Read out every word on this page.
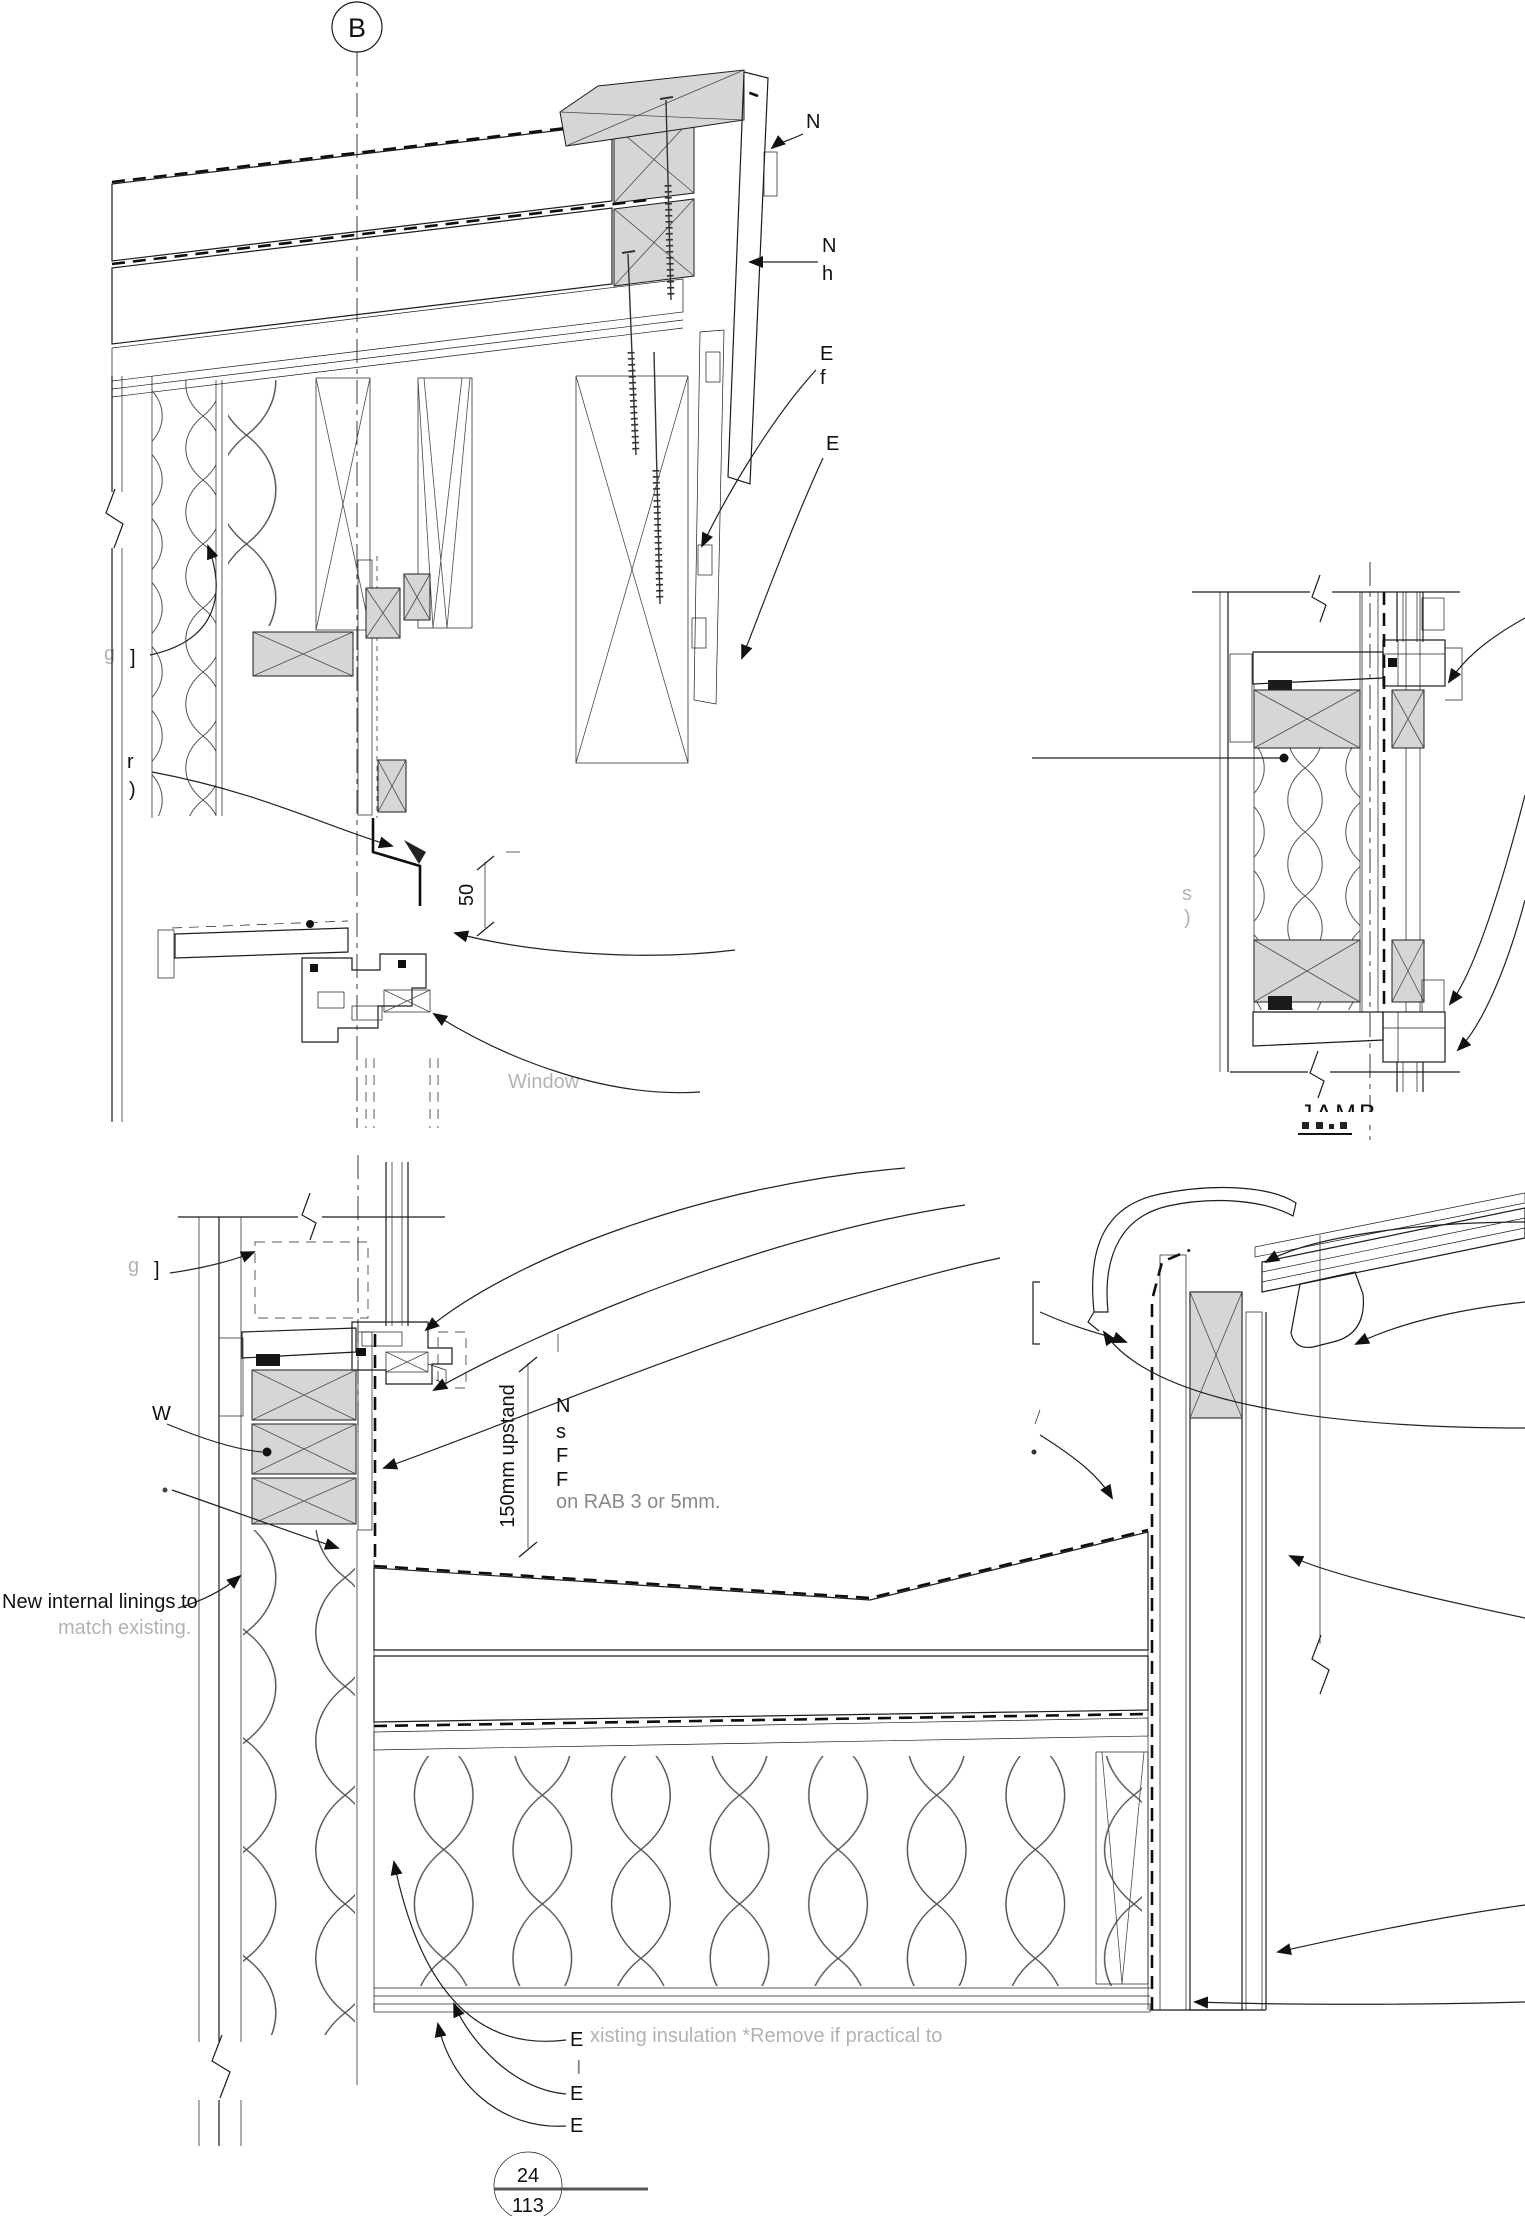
B
50
Window
N
N
h
E
f
E
g ]
r
)
s
)
150mm upstand N
s
F
F
on RAB 3 or 5mm.
g ]
W
New internal linings to
match existing.
E xisting insulation *Remove if practical to
I
E
E
24
113
